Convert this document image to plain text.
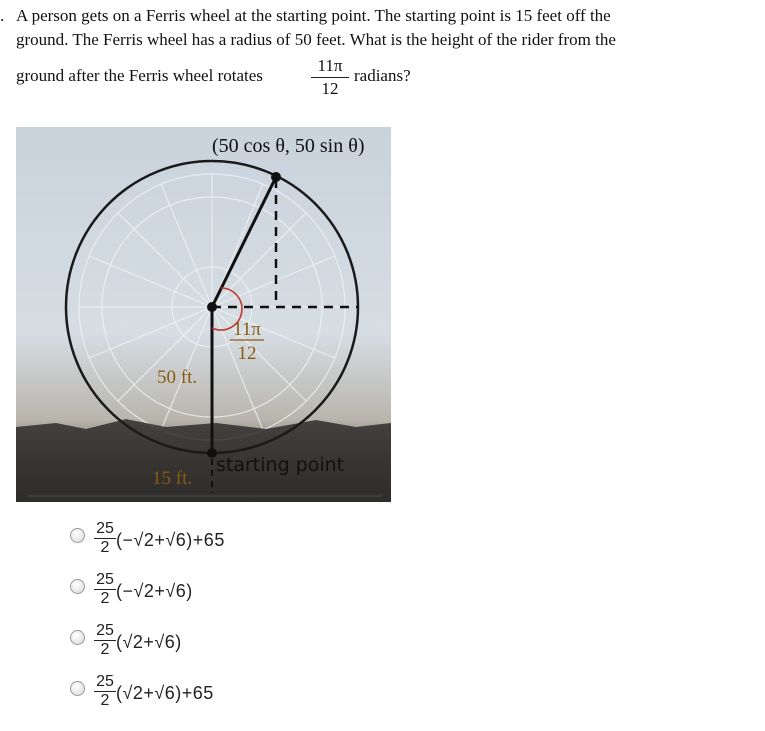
. A person gets on a Ferris wheel at the starting point. The starting point is 15 feet off the
ground. The Ferris wheel has a radius of 50 feet. What is the height of the rider from the
ground after the Ferris wheel rotates
11π
12
radians?
(50 cos θ, 50 sin θ)
11π
12
50 ft.
15 ft.
starting point
25
2 (−√2+√6)+65
25
2 (−√2+√6)
25
2 (√2+√6)
25
2 (√2+√6)+65
